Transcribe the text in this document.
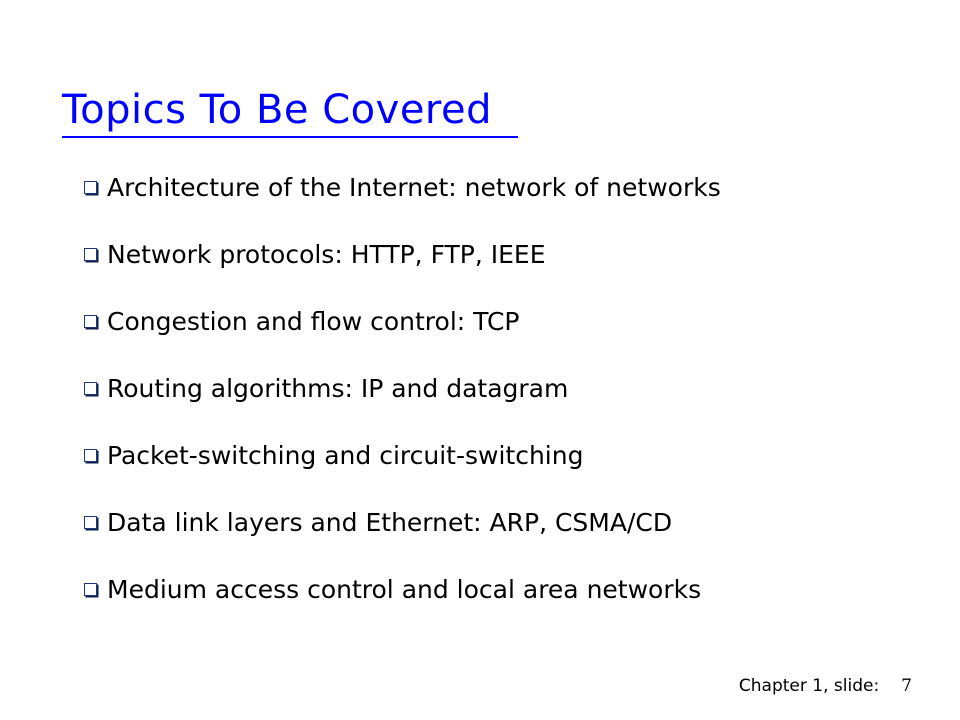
Topics To Be Covered
Architecture of the Internet: network of networks
Network protocols: HTTP, FTP, IEEE
Congestion and flow control: TCP
Routing algorithms: IP and datagram
Packet-switching and circuit-switching
Data link layers and Ethernet: ARP, CSMA/CD
Medium access control and local area networks
Chapter 1, slide: 7
